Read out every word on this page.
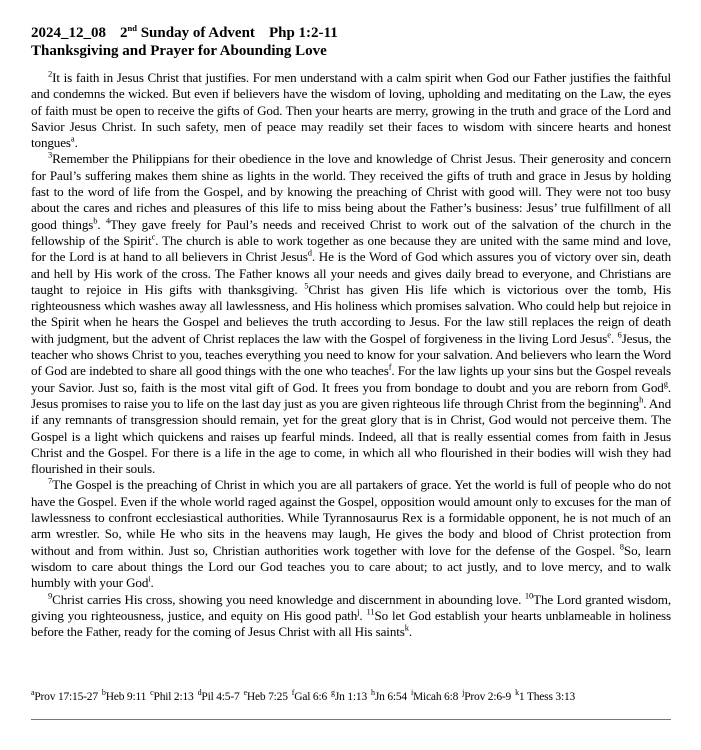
2024_12_08 2nd Sunday of Advent Php 1:2-11
Thanksgiving and Prayer for Abounding Love

$^2$It is faith in Jesus Christ that justifies. For men understand with a calm spirit when God our Father justifies the faithful and condemns the wicked. But even if believers have the wisdom of loving, upholding and meditating on the Law, the eyes of faith must be open to receive the gifts of God. Then your hearts are merry, growing in the truth and grace of the Lord and Savior Jesus Christ. In such safety, men of peace may readily set their faces to wisdom with sincere hearts and honest tongues$^a$.

$^3$Remember the Philippians for their obedience in the love and knowledge of Christ Jesus. Their generosity and concern for Paul’s suffering makes them shine as lights in the world. They received the gifts of truth and grace in Jesus by holding fast to the word of life from the Gospel, and by knowing the preaching of Christ with good will. They were not too busy about the cares and riches and pleasures of this life to miss being about the Father’s business: Jesus’ true fulfillment of all good things$^b$. $^4$They gave freely for Paul’s needs and received Christ to work out of the salvation of the church in the fellowship of the Spirit$^c$. The church is able to work together as one because they are united with the same mind and love, for the Lord is at hand to all believers in Christ Jesus$^d$. He is the Word of God which assures you of victory over sin, death and hell by His work of the cross. The Father knows all your needs and gives daily bread to everyone, and Christians are taught to rejoice in His gifts with thanksgiving. $^5$Christ has given His life which is victorious over the tomb, His righteousness which washes away all lawlessness, and His holiness which promises salvation. Who could help but rejoice in the Spirit when he hears the Gospel and believes the truth according to Jesus. For the law still replaces the reign of death with judgment, but the advent of Christ replaces the law with the Gospel of forgiveness in the living Lord Jesus$^e$. $^6$Jesus, the teacher who shows Christ to you, teaches everything you need to know for your salvation. And believers who learn the Word of God are indebted to share all good things with the one who teaches$^f$. For the law lights up your sins but the Gospel reveals your Savior. Just so, faith is the most vital gift of God. It frees you from bondage to doubt and you are reborn from God$^g$. Jesus promises to raise you to life on the last day just as you are given righteous life through Christ from the beginning$^h$. And if any remnants of transgression should remain, yet for the great glory that is in Christ, God would not perceive them. The Gospel is a light which quickens and raises up fearful minds. Indeed, all that is really essential comes from faith in Jesus Christ and the Gospel. For there is a life in the age to come, in which all who flourished in their bodies will wish they had flourished in their souls.

$^7$The Gospel is the preaching of Christ in which you are all partakers of grace. Yet the world is full of people who do not have the Gospel. Even if the whole world raged against the Gospel, opposition would amount only to excuses for the man of lawlessness to confront ecclesiastical authorities. While Tyrannosaurus Rex is a formidable opponent, he is not much of an arm wrestler. So, while He who sits in the heavens may laugh, He gives the body and blood of Christ protection from without and from within. Just so, Christian authorities work together with love for the defense of the Gospel. $^8$So, learn wisdom to care about things the Lord our God teaches you to care about; to act justly, and to love mercy, and to walk humbly with your God$^i$.

$^9$Christ carries His cross, showing you need knowledge and discernment in abounding love. $^{10}$The Lord granted wisdom, giving you righteousness, justice, and equity on His good path$^j$. $^{11}$So let God establish your hearts unblameable in holiness before the Father, ready for the coming of Jesus Christ with all His saints$^k$.

$^a$Prov 17:15-27 $^b$Heb 9:11 $^c$Phil 2:13 $^d$Pil 4:5-7 $^e$Heb 7:25 $^f$Gal 6:6 $^g$Jn 1:13 $^h$Jn 6:54 $^i$Micah 6:8 $^j$Prov 2:6-9 $^k$1 Thess 3:13
